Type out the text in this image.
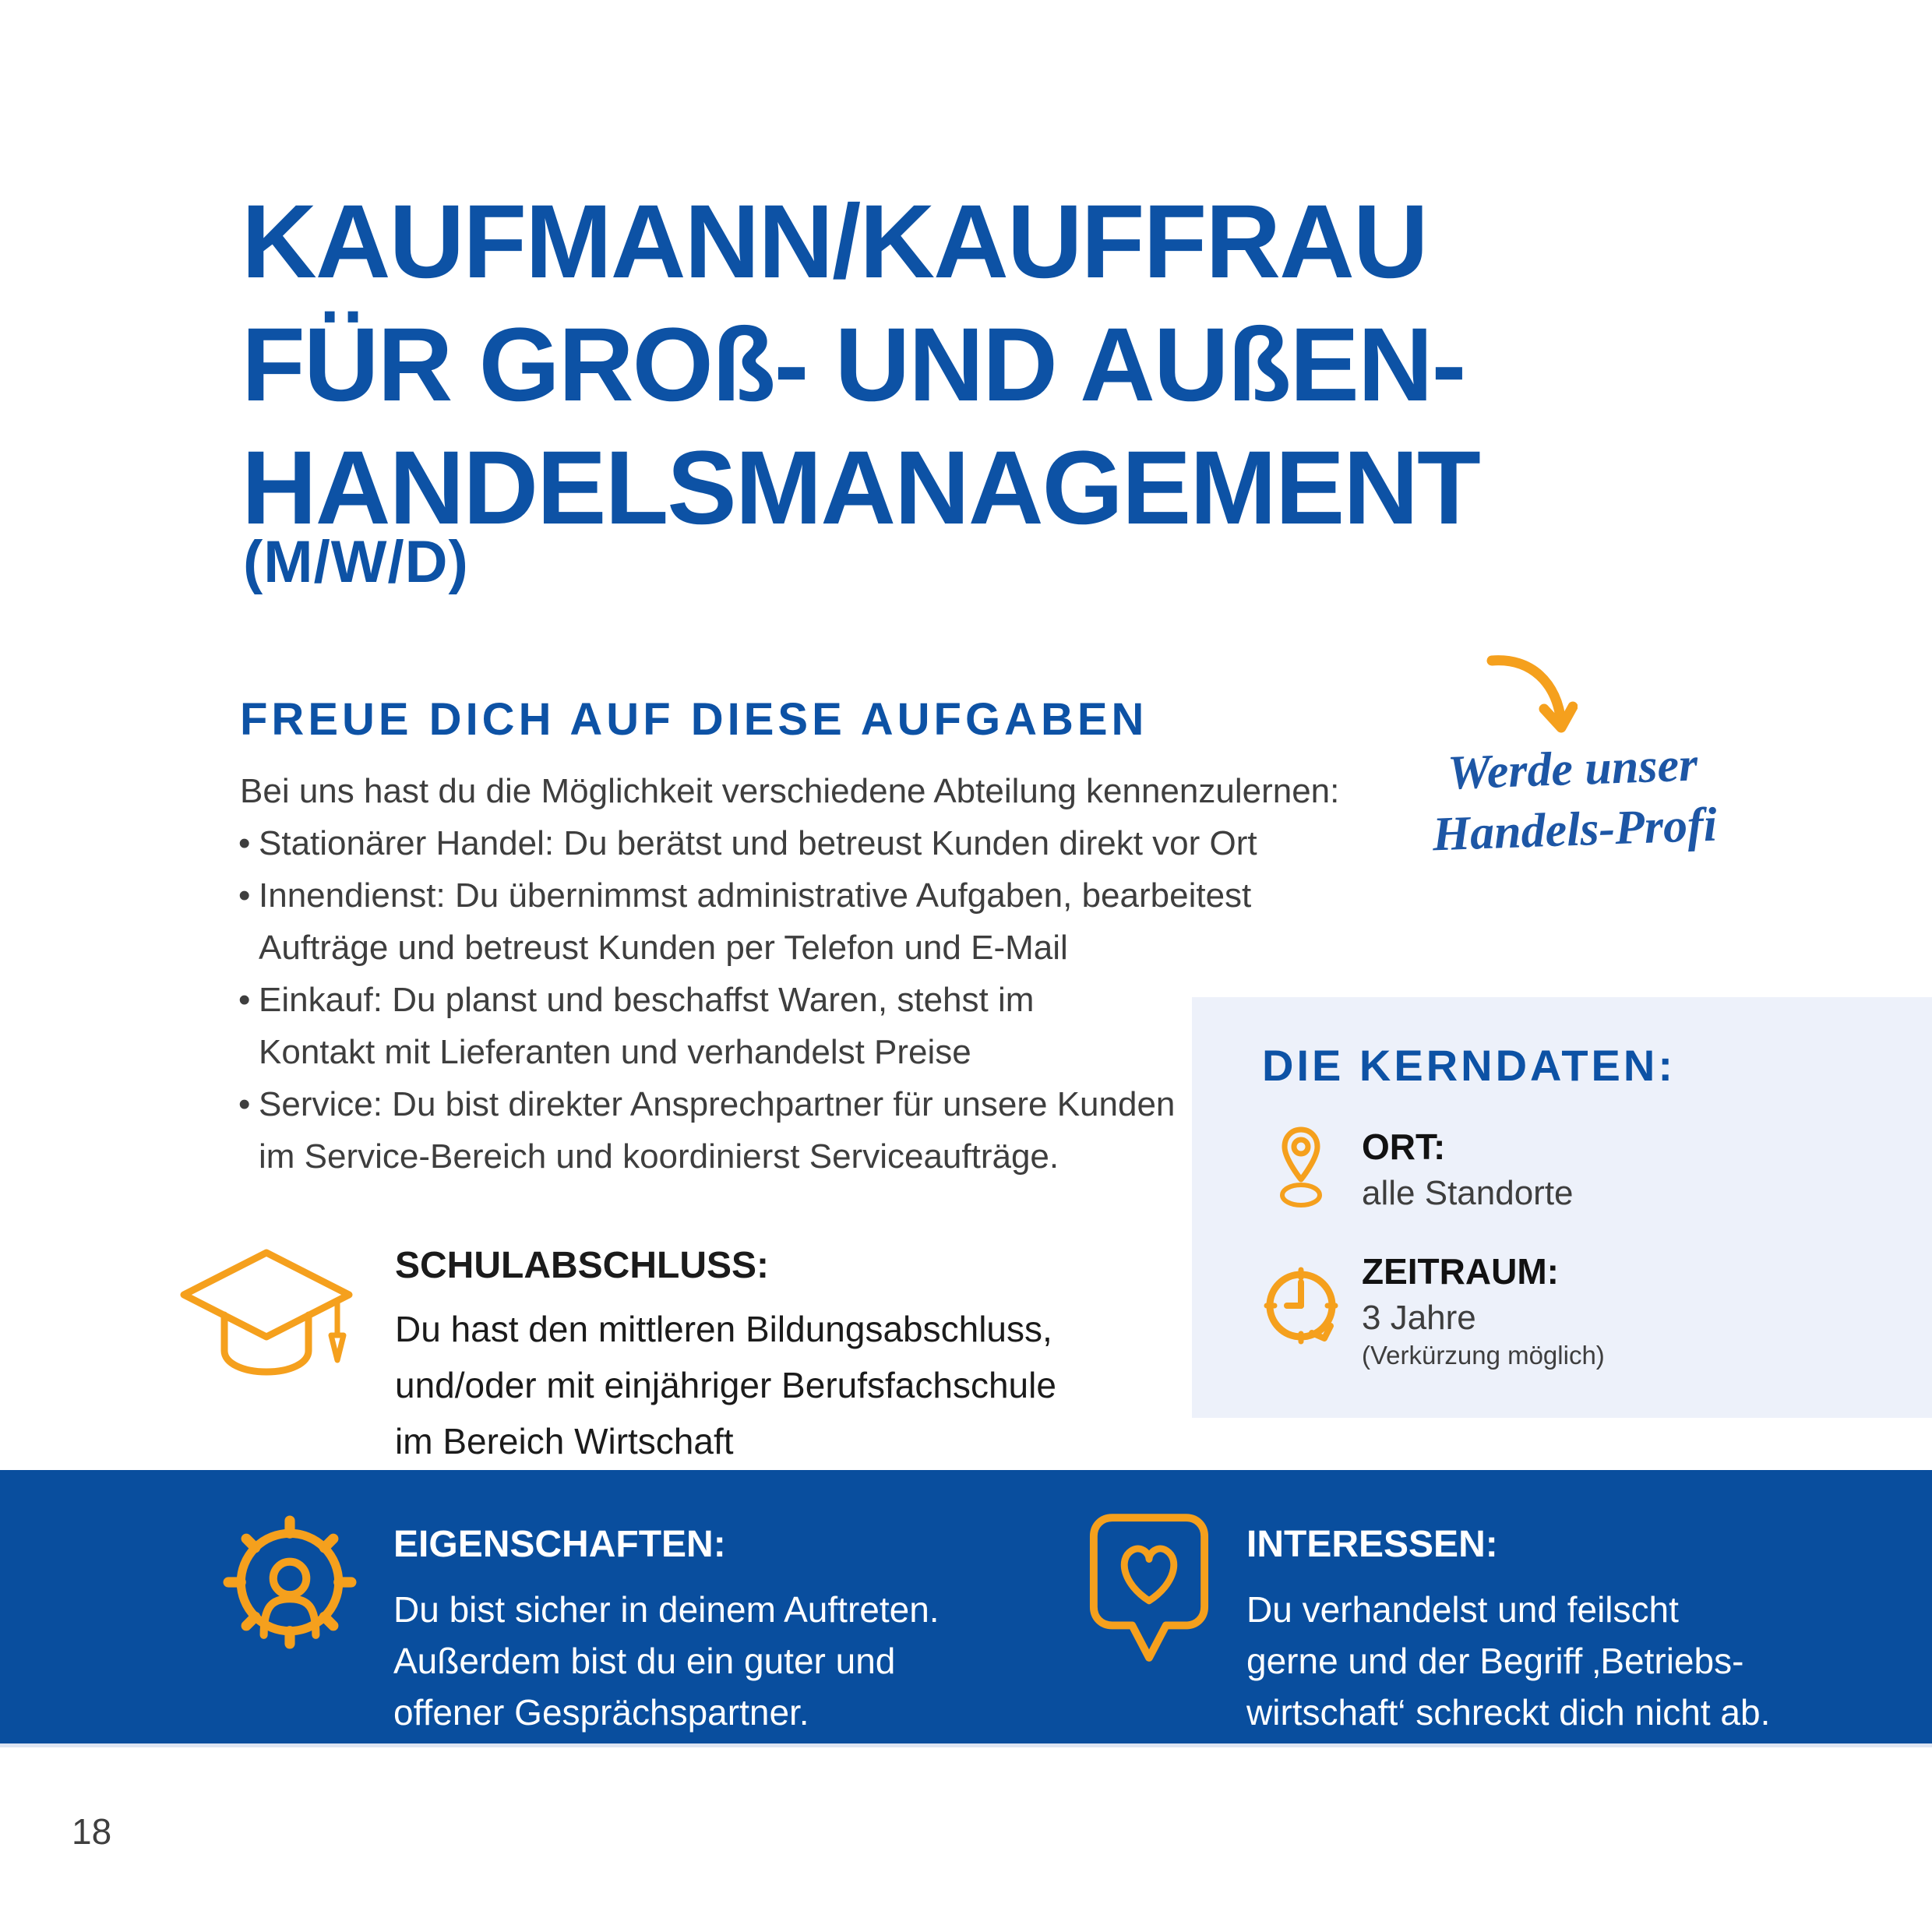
KAUFMANN/KAUFFRAU
FÜR GROß- UND AUßEN-
HANDELSMANAGEMENT
(M/W/D)
FREUE DICH AUF DIESE AUFGABEN
Bei uns hast du die Möglichkeit verschiedene Abteilung kennenzulernen:
• Stationärer Handel: Du berätst und betreust Kunden direkt vor Ort
• Innendienst: Du übernimmst administrative Aufgaben, bearbeitest
Aufträge und betreust Kunden per Telefon und E-Mail
• Einkauf: Du planst und beschaffst Waren, stehst im
Kontakt mit Lieferanten und verhandelst Preise
• Service: Du bist direkter Ansprechpartner für unsere Kunden
im Service-Bereich und koordinierst Serviceaufträge.
Werde unser
Handels-Profi
DIE KERNDATEN:
ORT:
alle Standorte
ZEITRAUM:
3 Jahre
(Verkürzung möglich)
SCHULABSCHLUSS:
Du hast den mittleren Bildungsabschluss,
und/oder mit einjähriger Berufsfachschule
im Bereich Wirtschaft
EIGENSCHAFTEN:
Du bist sicher in deinem Auftreten.
Außerdem bist du ein guter und
offener Gesprächspartner.
INTERESSEN:
Du verhandelst und feilscht
gerne und der Begriff ‚Betriebs-
wirtschaft‘ schreckt dich nicht ab.
18
